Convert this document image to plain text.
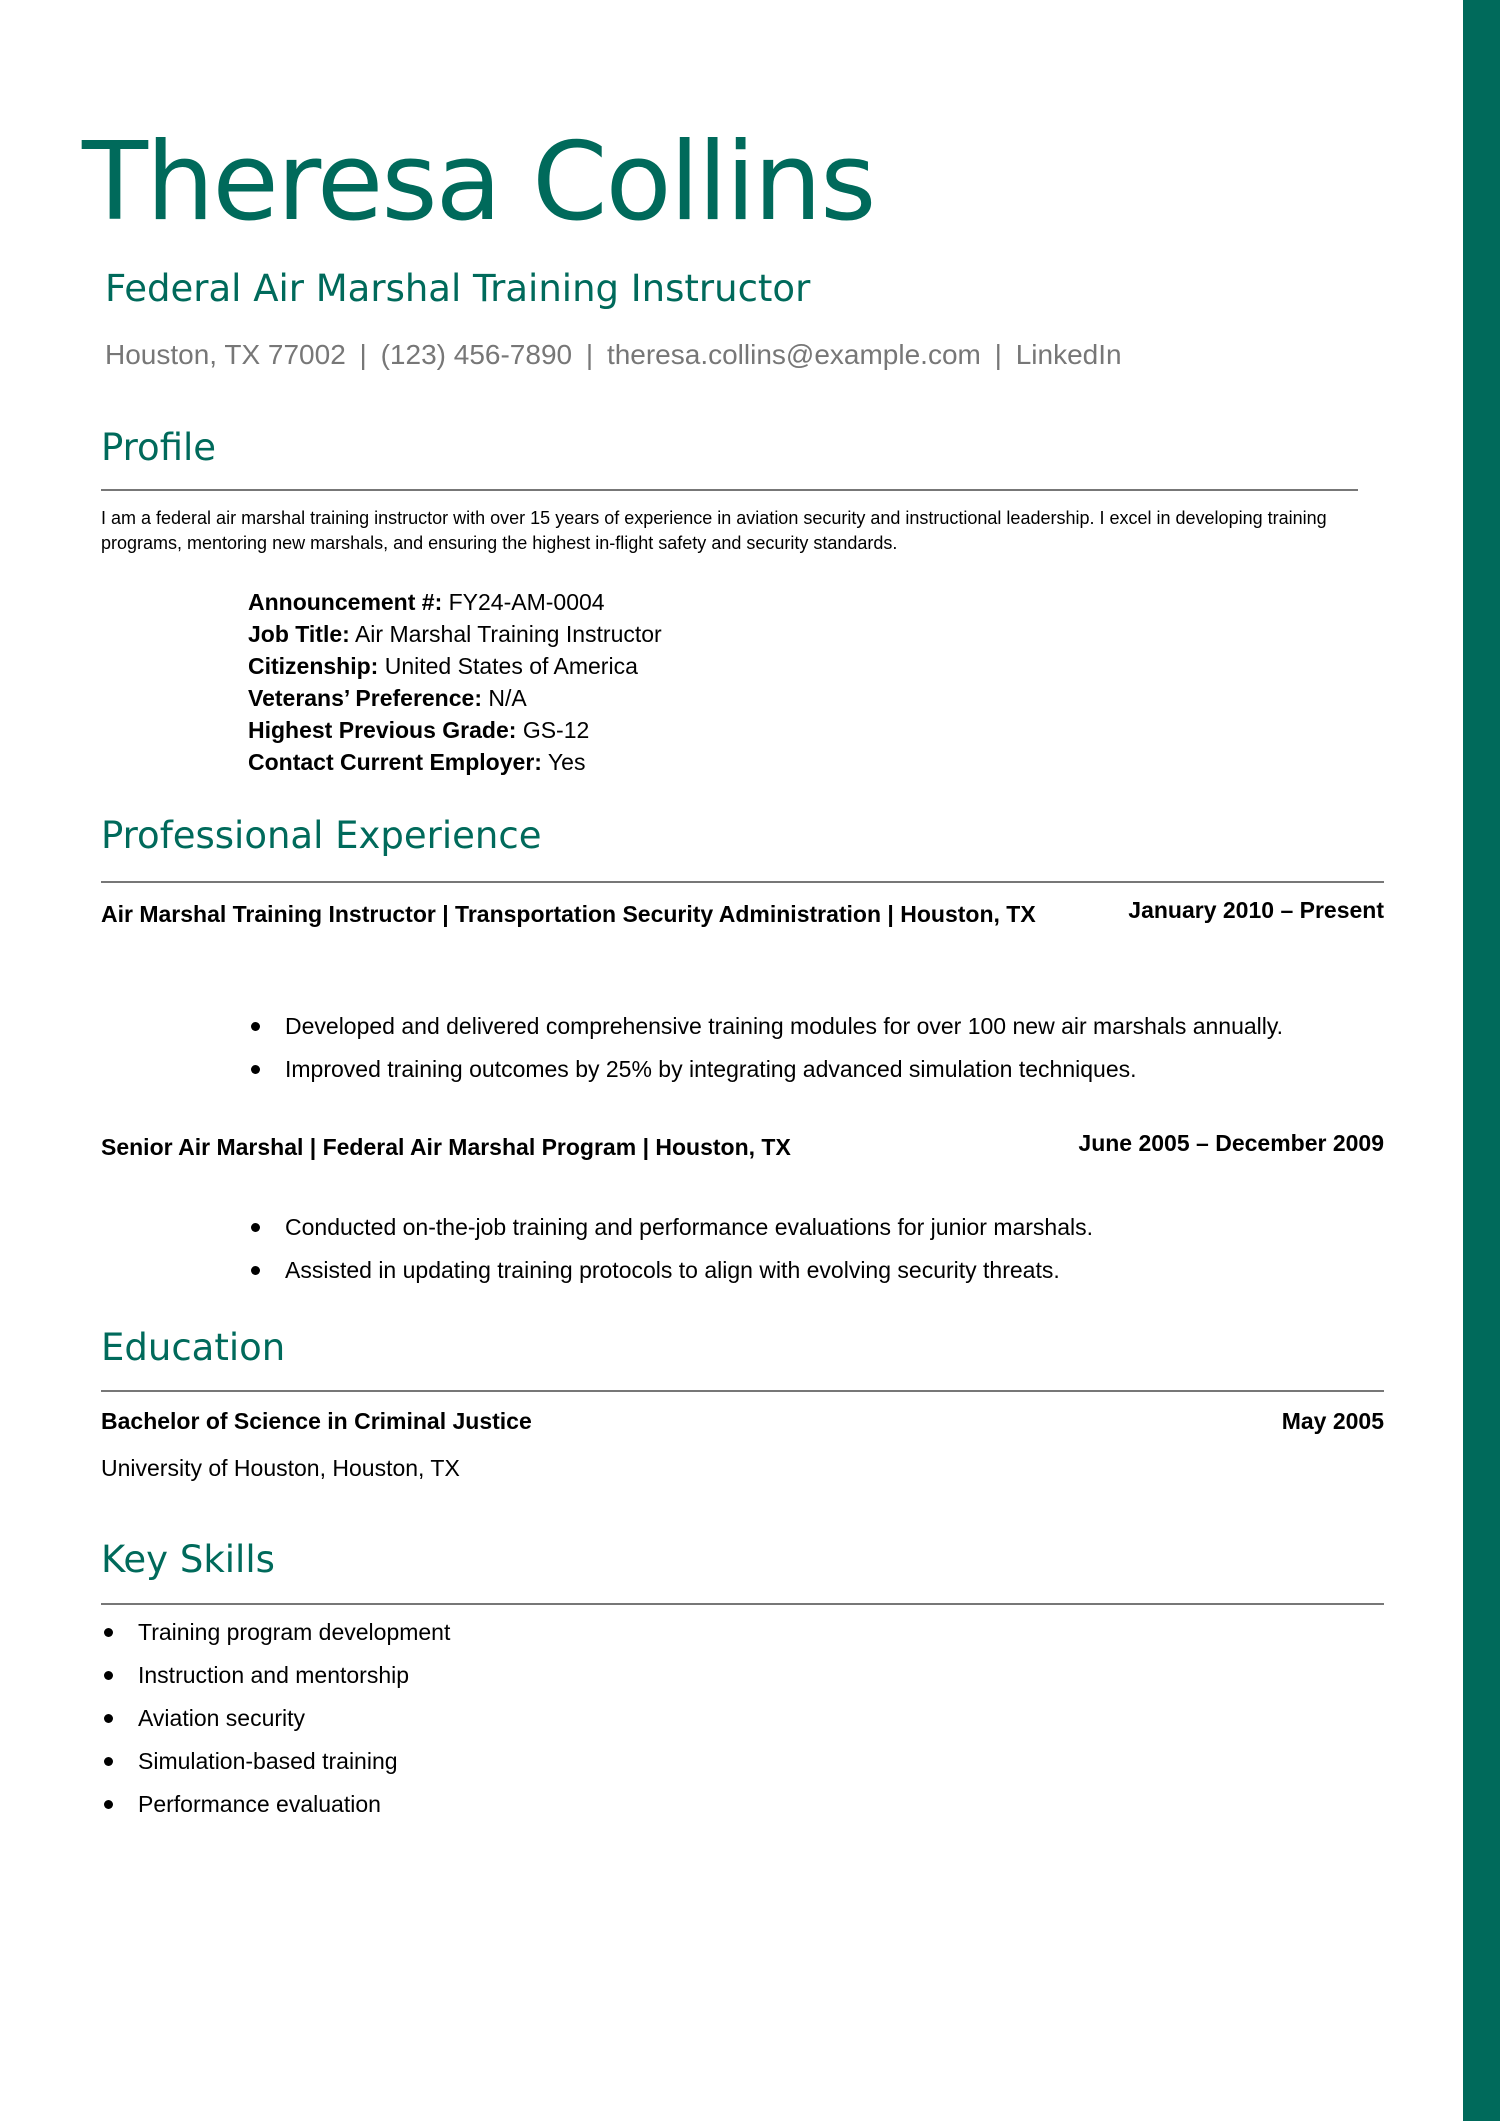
Theresa Collins
Federal Air Marshal Training Instructor
Houston, TX 77002 | (123) 456-7890 | theresa.collins@example.com | LinkedIn
Profile
I am a federal air marshal training instructor with over 15 years of experience in aviation security and instructional leadership. I excel in developing training programs, mentoring new marshals, and ensuring the highest in-flight safety and security standards.
Announcement #: FY24-AM-0004
Job Title: Air Marshal Training Instructor
Citizenship: United States of America
Veterans’ Preference: N/A
Highest Previous Grade: GS-12
Contact Current Employer: Yes
Professional Experience
Air Marshal Training Instructor | Transportation Security Administration | Houston, TX	January 2010 – Present
Developed and delivered comprehensive training modules for over 100 new air marshals annually.
Improved training outcomes by 25% by integrating advanced simulation techniques.
Senior Air Marshal | Federal Air Marshal Program | Houston, TX	June 2005 – December 2009
Conducted on-the-job training and performance evaluations for junior marshals.
Assisted in updating training protocols to align with evolving security threats.
Education
Bachelor of Science in Criminal Justice	May 2005
University of Houston, Houston, TX
Key Skills
Training program development
Instruction and mentorship
Aviation security
Simulation-based training
Performance evaluation
